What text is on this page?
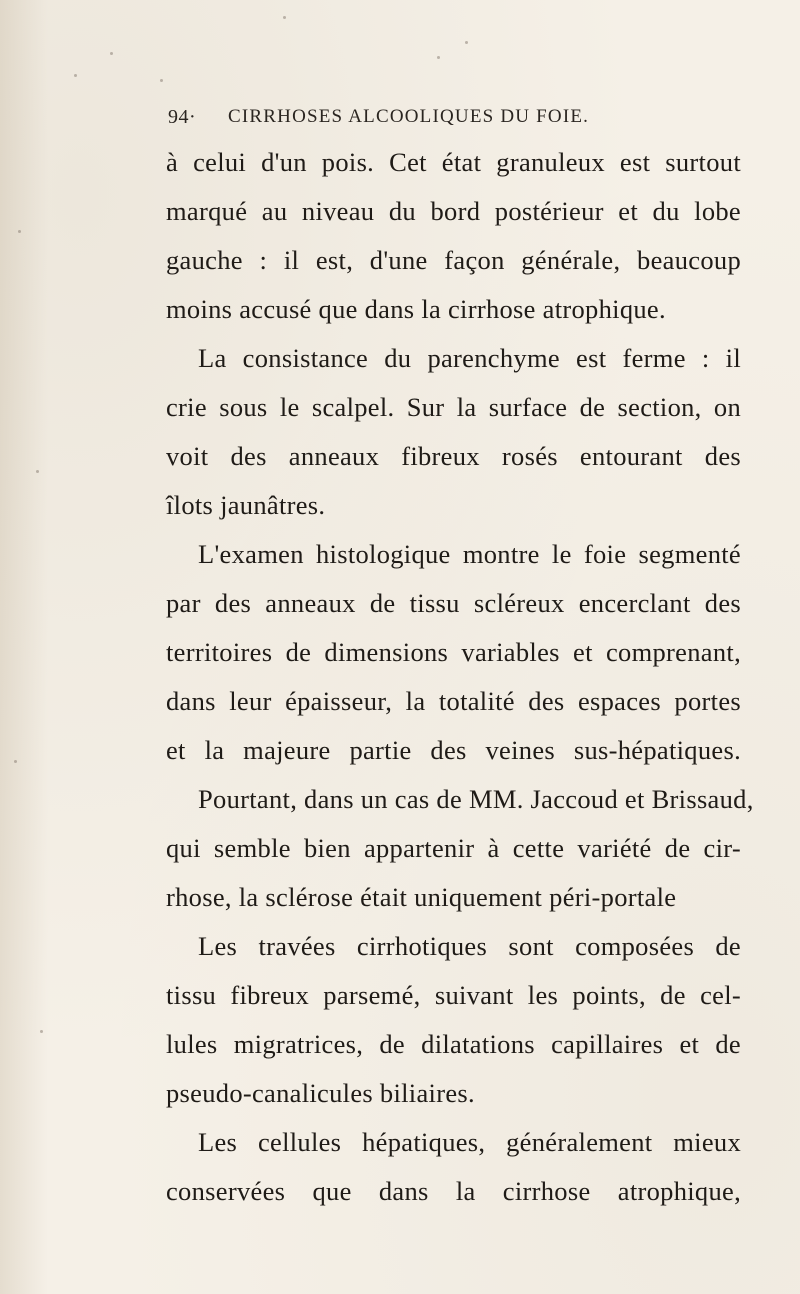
94· CIRRHOSES ALCOOLIQUES DU FOIE.
à celui d'un pois. Cet état granuleux est surtout
marqué au niveau du bord postérieur et du lobe
gauche : il est, d'une façon générale, beaucoup
moins accusé que dans la cirrhose atrophique.
La consistance du parenchyme est ferme : il
crie sous le scalpel. Sur la surface de section, on
voit des anneaux fibreux rosés entourant des
îlots jaunâtres.
L'examen histologique montre le foie segmenté
par des anneaux de tissu scléreux encerclant des
territoires de dimensions variables et comprenant,
dans leur épaisseur, la totalité des espaces portes
et la majeure partie des veines sus-hépatiques.
Pourtant, dans un cas de MM. Jaccoud et Brissaud,
qui semble bien appartenir à cette variété de cir-
rhose, la sclérose était uniquement péri-portale
Les travées cirrhotiques sont composées de
tissu fibreux parsemé, suivant les points, de cel-
lules migratrices, de dilatations capillaires et de
pseudo-canalicules biliaires.
Les cellules hépatiques, généralement mieux
conservées que dans la cirrhose atrophique,
